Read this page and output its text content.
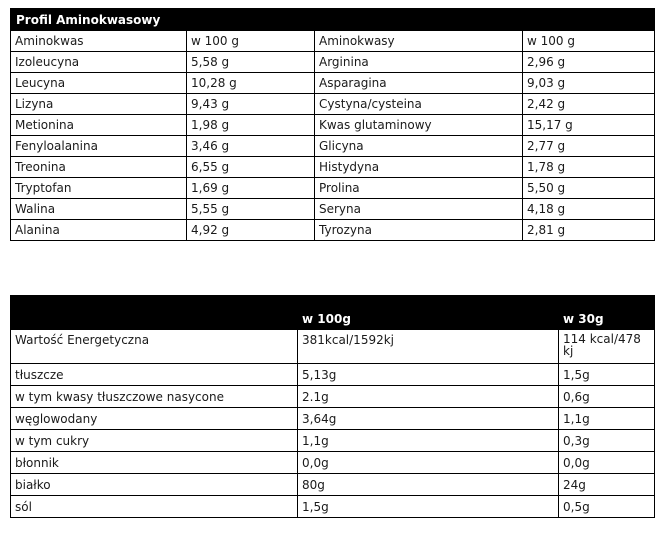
Profil Aminokwasowy			
Aminokwas	w 100 g	Aminokwasy	w 100 g
Izoleucyna	5,58 g	Arginina	2,96 g
Leucyna	10,28 g	Asparagina	9,03 g
Lizyna	9,43 g	Cystyna/cysteina	2,42 g
Metionina	1,98 g	Kwas glutaminowy	15,17 g
Fenyloalanina	3,46 g	Glicyna	2,77 g
Treonina	6,55 g	Histydyna	1,78 g
Tryptofan	1,69 g	Prolina	5,50 g
Walina	5,55 g	Seryna	4,18 g
Alanina	4,92 g	Tyrozyna	2,81 g
	w 100g	w 30g
Wartość Energetyczna	381kcal/1592kj	114 kcal/478 kj
tłuszcze	5,13g	1,5g
w tym kwasy tłuszczowe nasycone	2.1g	0,6g
węglowodany	3,64g	1,1g
w tym cukry	1,1g	0,3g
błonnik	0,0g	0,0g
białko	80g	24g
sól	1,5g	0,5g
